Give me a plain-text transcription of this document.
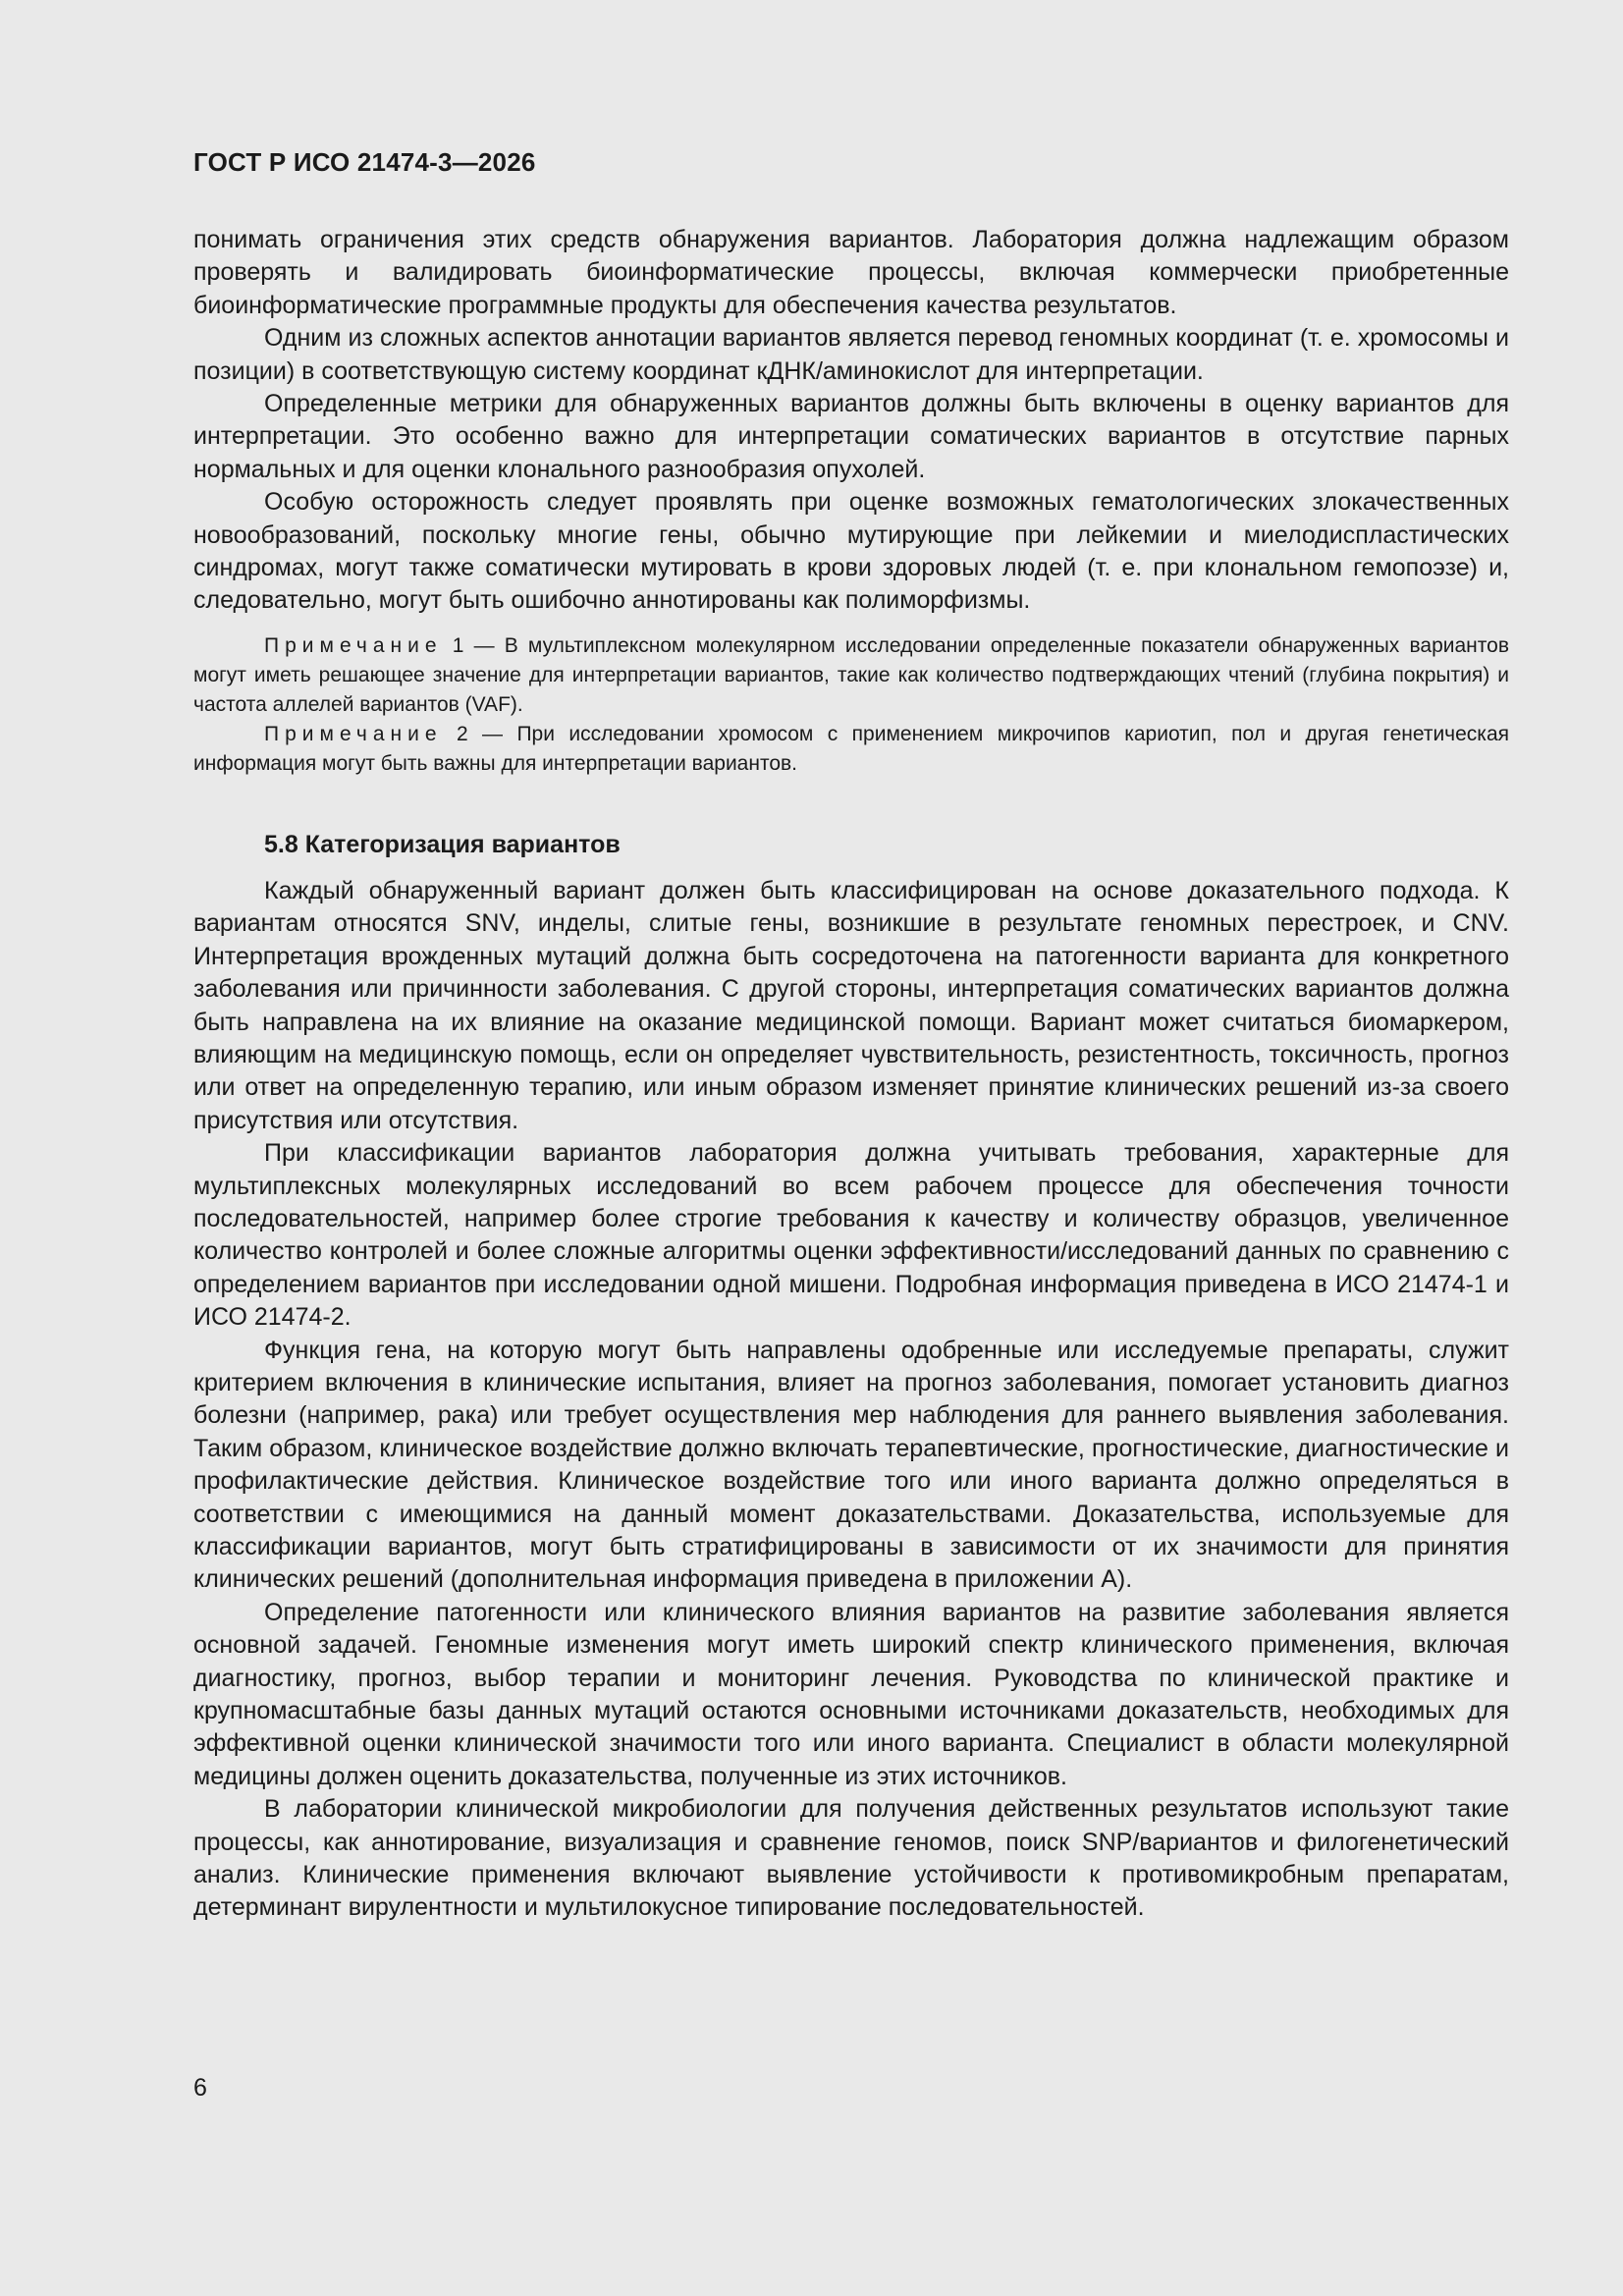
ГОСТ Р ИСО 21474-3—2026

понимать ограничения этих средств обнаружения вариантов. Лаборатория должна надлежащим образом проверять и валидировать биоинформатические процессы, включая коммерчески приобретенные биоинформатические программные продукты для обеспечения качества результатов.

Одним из сложных аспектов аннотации вариантов является перевод геномных координат (т. е. хромосомы и позиции) в соответствующую систему координат кДНК/аминокислот для интерпретации.

Определенные метрики для обнаруженных вариантов должны быть включены в оценку вариантов для интерпретации. Это особенно важно для интерпретации соматических вариантов в отсутствие парных нормальных и для оценки клонального разнообразия опухолей.

Особую осторожность следует проявлять при оценке возможных гематологических злокачественных новообразований, поскольку многие гены, обычно мутирующие при лейкемии и миелодиспластических синдромах, могут также соматически мутировать в крови здоровых людей (т. е. при клональном гемопоэзе) и, следовательно, могут быть ошибочно аннотированы как полиморфизмы.

Примечание 1 — В мультиплексном молекулярном исследовании определенные показатели обнаруженных вариантов могут иметь решающее значение для интерпретации вариантов, такие как количество подтверждающих чтений (глубина покрытия) и частота аллелей вариантов (VAF).

Примечание 2 — При исследовании хромосом с применением микрочипов кариотип, пол и другая генетическая информация могут быть важны для интерпретации вариантов.

5.8 Категоризация вариантов

Каждый обнаруженный вариант должен быть классифицирован на основе доказательного подхода. К вариантам относятся SNV, инделы, слитые гены, возникшие в результате геномных перестроек, и CNV. Интерпретация врожденных мутаций должна быть сосредоточена на патогенности варианта для конкретного заболевания или причинности заболевания. С другой стороны, интерпретация соматических вариантов должна быть направлена на их влияние на оказание медицинской помощи. Вариант может считаться биомаркером, влияющим на медицинскую помощь, если он определяет чувствительность, резистентность, токсичность, прогноз или ответ на определенную терапию, или иным образом изменяет принятие клинических решений из-за своего присутствия или отсутствия.

При классификации вариантов лаборатория должна учитывать требования, характерные для мультиплексных молекулярных исследований во всем рабочем процессе для обеспечения точности последовательностей, например более строгие требования к качеству и количеству образцов, увеличенное количество контролей и более сложные алгоритмы оценки эффективности/исследований данных по сравнению с определением вариантов при исследовании одной мишени. Подробная информация приведена в ИСО 21474-1 и ИСО 21474-2.

Функция гена, на которую могут быть направлены одобренные или исследуемые препараты, служит критерием включения в клинические испытания, влияет на прогноз заболевания, помогает установить диагноз болезни (например, рака) или требует осуществления мер наблюдения для раннего выявления заболевания. Таким образом, клиническое воздействие должно включать терапевтические, прогностические, диагностические и профилактические действия. Клиническое воздействие того или иного варианта должно определяться в соответствии с имеющимися на данный момент доказательствами. Доказательства, используемые для классификации вариантов, могут быть стратифицированы в зависимости от их значимости для принятия клинических решений (дополнительная информация приведена в приложении А).

Определение патогенности или клинического влияния вариантов на развитие заболевания является основной задачей. Геномные изменения могут иметь широкий спектр клинического применения, включая диагностику, прогноз, выбор терапии и мониторинг лечения. Руководства по клинической практике и крупномасштабные базы данных мутаций остаются основными источниками доказательств, необходимых для эффективной оценки клинической значимости того или иного варианта. Специалист в области молекулярной медицины должен оценить доказательства, полученные из этих источников.

В лаборатории клинической микробиологии для получения действенных результатов используют такие процессы, как аннотирование, визуализация и сравнение геномов, поиск SNP/вариантов и филогенетический анализ. Клинические применения включают выявление устойчивости к противомикробным препаратам, детерминант вирулентности и мультилокусное типирование последовательностей.

6
